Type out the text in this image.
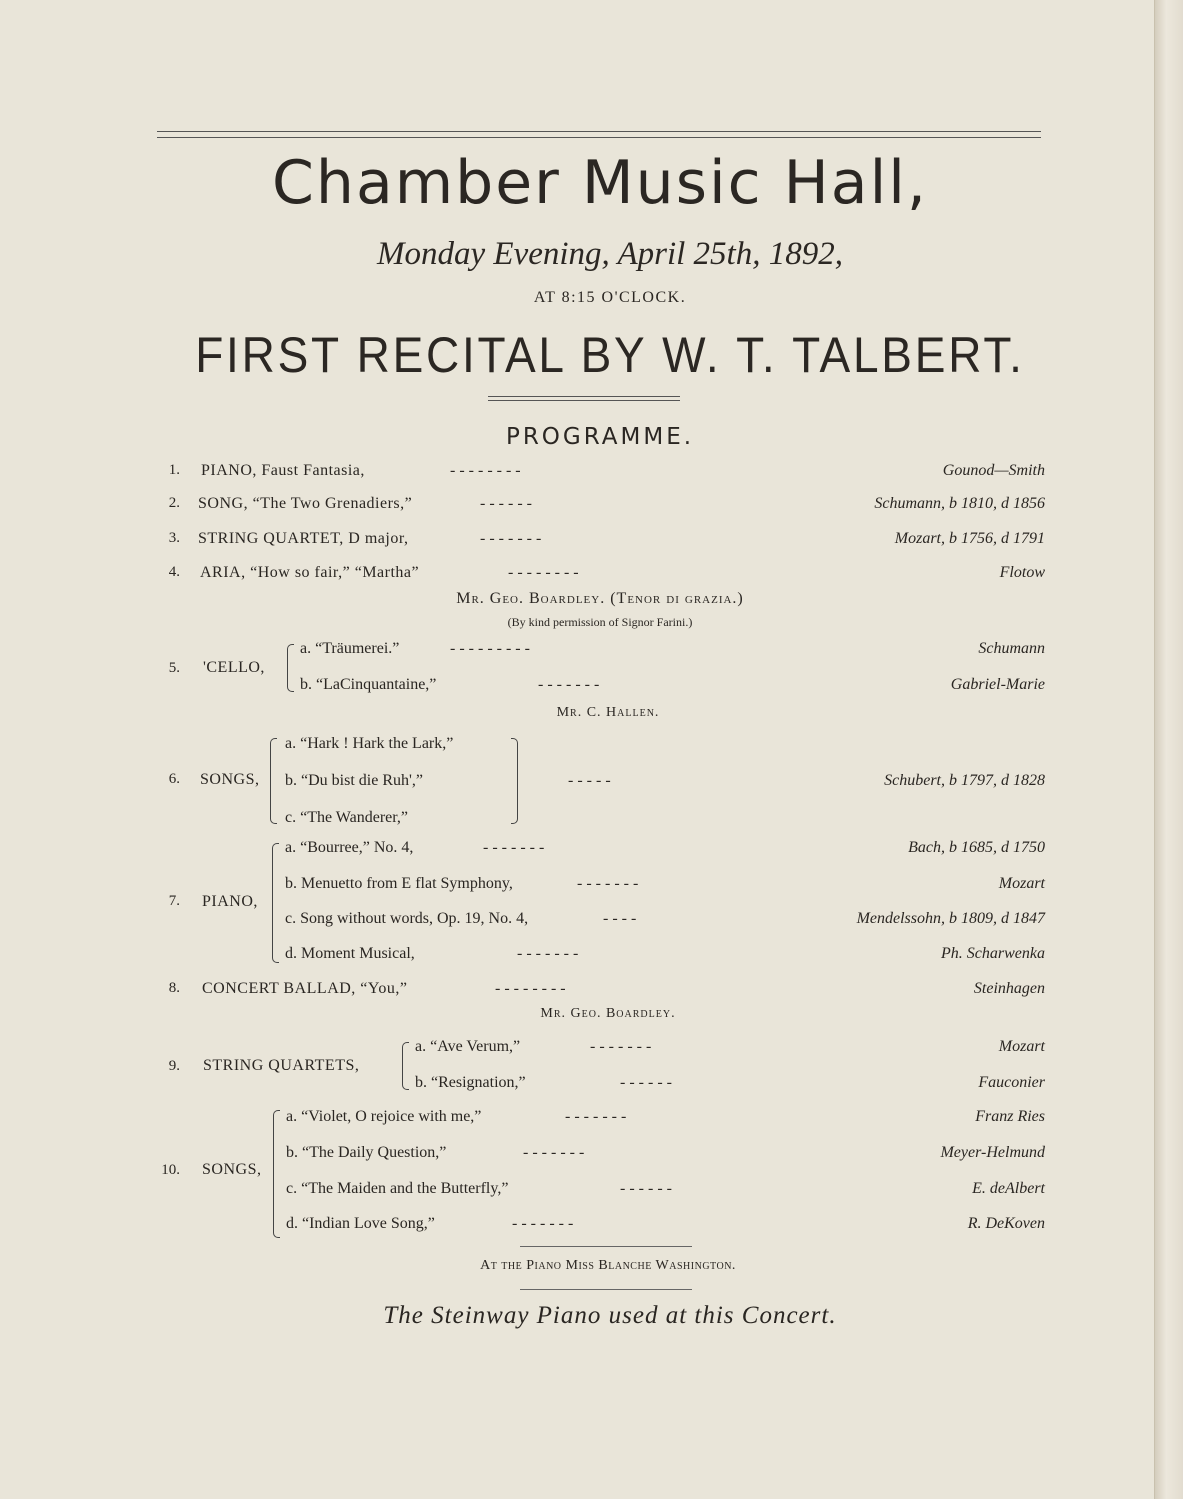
Chamber Music Hall,
Monday Evening, April 25th, 1892,
AT 8:15 O'CLOCK.
FIRST RECITAL BY W. T. TALBERT.
PROGRAMME.
1. PIANO, Faust Fantasia,	- - - - - - - -	Gounod—Smith
2. SONG, “The Two Grenadiers,”	- - - - - -	Schumann, b 1810, d 1856
3. STRING QUARTET, D major,	- - - - - - -	Mozart, b 1756, d 1791
4. ARIA, “How so fair,” “Martha”	- - - - - - - -	Flotow
Mr. Geo. Boardley. (Tenor di grazia.)
(By kind permission of Signor Farini.)
5. 'CELLO,
a. “Träumerei.”	- - - - - - - - -	Schumann
b. “LaCinquantaine,”	- - - - - - -	Gabriel-Marie
Mr. C. Hallen.
6. SONGS,
a. “Hark ! Hark the Lark,”
b. “Du bist die Ruh',”	- - - - -	Schubert, b 1797, d 1828
c. “The Wanderer,”
7. PIANO,
a. “Bourree,” No. 4,	- - - - - - -	Bach, b 1685, d 1750
b. Menuetto from E flat Symphony,	- - - - - - -	Mozart
c. Song without words, Op. 19, No. 4,	- - - -	Mendelssohn, b 1809, d 1847
d. Moment Musical,	- - - - - - -	Ph. Scharwenka
8. CONCERT BALLAD, “You,”	- - - - - - - -	Steinhagen
Mr. Geo. Boardley.
9. STRING QUARTETS,
a. “Ave Verum,”	- - - - - - -	Mozart
b. “Resignation,”	- - - - - -	Fauconier
10. SONGS,
a. “Violet, O rejoice with me,”	- - - - - - -	Franz Ries
b. “The Daily Question,”	- - - - - - -	Meyer-Helmund
c. “The Maiden and the Butterfly,”	- - - - - -	E. deAlbert
d. “Indian Love Song,”	- - - - - - -	R. DeKoven
At the Piano Miss Blanche Washington.
The Steinway Piano used at this Concert.
